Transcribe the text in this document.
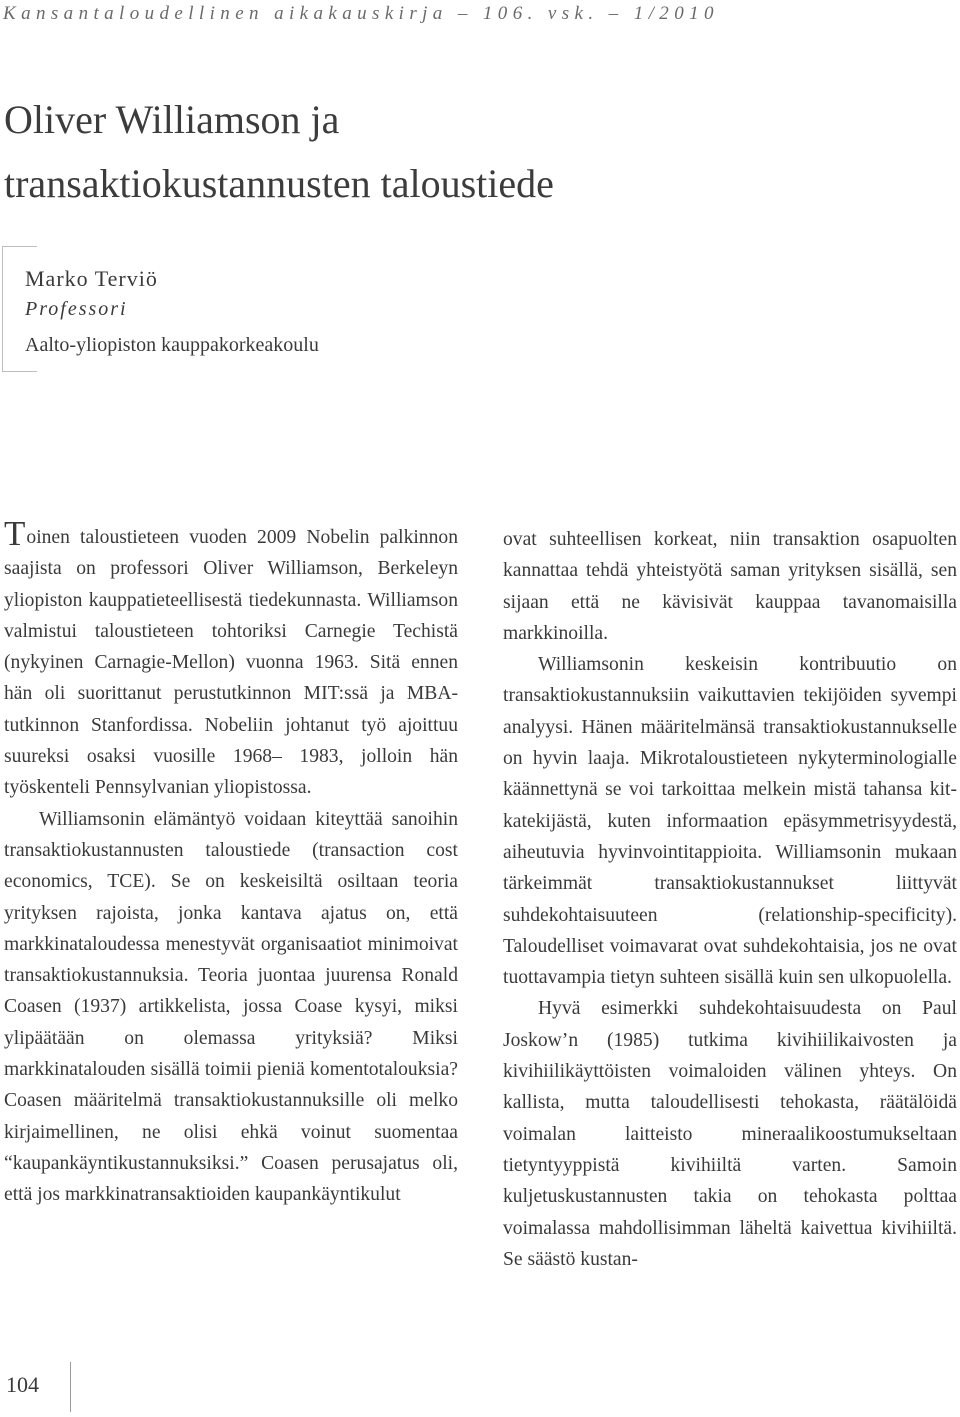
Kansantaloudellinen aikakauskirja – 106. vsk. – 1/2010
Oliver Williamson ja
transaktiokustannusten taloustiede
Marko Terviö
Professori
Aalto-yliopiston kauppakorkeakoulu

Toinen taloustieteen vuoden 2009 Nobelin palkinnon saajista on professori Oliver Williamson, Berkeleyn yliopiston kauppatieteellisestä tiedekunnasta. Williamson valmistui taloustieteen tohtoriksi Carnegie Techistä (nykyinen Carnagie-Mellon) vuonna 1963. Sitä ennen hän oli suorittanut perustutkinnon MIT:ssä ja MBA-tutkinnon Stanfordissa. Nobeliin johtanut työ ajoittuu suureksi osaksi vuosille 1968– 1983, jolloin hän työskenteli Pennsylvanian yliopistossa.

Williamsonin elämäntyö voidaan kiteyttää sanoihin transaktiokustannusten taloustiede (transaction cost economics, TCE). Se on keskeisiltä osiltaan teoria yrityksen rajoista, jonka kantava ajatus on, että markkinataloudessa menestyvät organisaatiot minimoivat transaktiokustannuksia. Teoria juontaa juurensa Ronald Coasen (1937) artikkelista, jossa Coase kysyi, miksi ylipäätään on olemassa yrityksiä? Miksi markkinatalouden sisällä toimii pieniä komentotalouksia? Coasen määritelmä transaktiokustannuksille oli melko kirjaimellinen, ne olisi ehkä voinut suomentaa “kaupankäyntikustannuksiksi.” Coasen perusajatus oli, että jos markkinatransaktioiden kaupankäyntikulut

ovat suhteellisen korkeat, niin transaktion osapuolten kannattaa tehdä yhteistyötä saman yrityksen sisällä, sen sijaan että ne kävisivät kauppaa tavanomaisilla markkinoilla.

Williamsonin keskeisin kontribuutio on transaktiokustannuksiin vaikuttavien tekijöiden syvempi analyysi. Hänen määritelmänsä transaktiokustannukselle on hyvin laaja. Mikrotaloustieteen nykyterminologialle käännettynä se voi tarkoittaa melkein mistä tahansa kitkatekijästä, kuten informaation epäsymmetrisyydestä, aiheutuvia hyvinvointitappioita. Williamsonin mukaan tärkeimmät transaktiokustannukset liittyvät suhdekohtaisuuteen (relationship-specificity). Taloudelliset voimavarat ovat suhdekohtaisia, jos ne ovat tuottavampia tietyn suhteen sisällä kuin sen ulkopuolella.

Hyvä esimerkki suhdekohtaisuudesta on Paul Joskow’n (1985) tutkima kivihiilikaivosten ja kivihiilikäyttöisten voimaloiden välinen yhteys. On kallista, mutta taloudellisesti tehokasta, räätälöidä voimalan laitteisto mineraalikoostumukseltaan tietyntyyppistä kivihiiltä varten. Samoin kuljetuskustannusten takia on tehokasta polttaa voimalassa mahdollisimman läheltä kaivettua kivihiiltä. Se säästö kustan-

104
